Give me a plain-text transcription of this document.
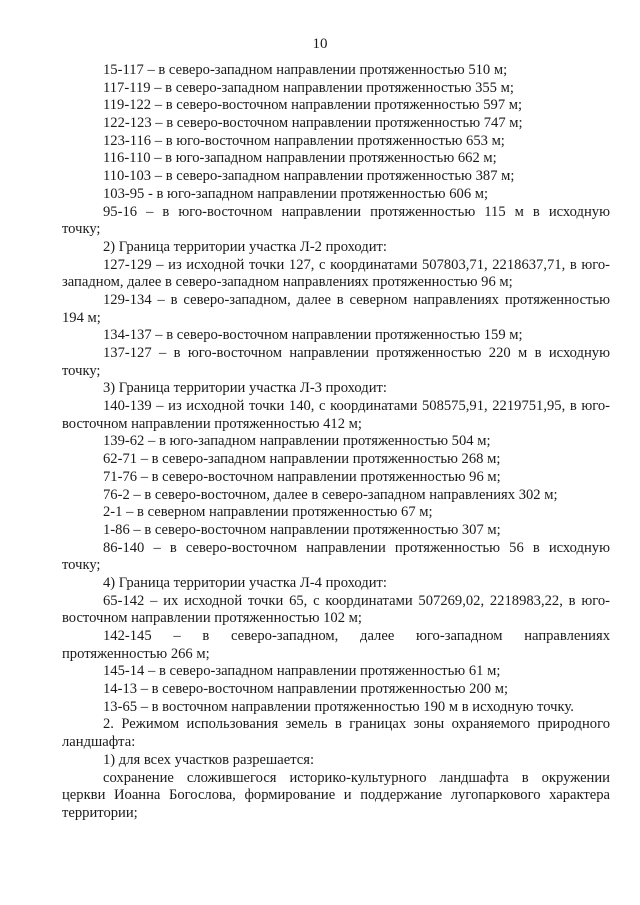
10
15-117 – в северо-западном направлении протяженностью 510 м;
117-119 – в северо-западном направлении протяженностью 355 м;
119-122 – в северо-восточном направлении протяженностью 597 м;
122-123 – в северо-восточном направлении протяженностью 747 м;
123-116 – в юго-восточном направлении протяженностью 653 м;
116-110 – в юго-западном направлении протяженностью 662 м;
110-103 – в северо-западном направлении протяженностью 387 м;
103-95 - в юго-западном направлении протяженностью 606 м;
95-16 – в юго-восточном направлении протяженностью 115 м в исходную
точку;
2) Граница территории участка Л-2 проходит:
127-129 – из исходной точки 127, с координатами 507803,71, 2218637,71, в юго-
западном, далее в северо-западном направлениях протяженностью 96 м;
129-134 – в северо-западном, далее в северном направлениях протяженностью
194 м;
134-137 – в северо-восточном направлении протяженностью 159 м;
137-127 – в юго-восточном направлении протяженностью 220 м в исходную
точку;
3) Граница территории участка Л-3 проходит:
140-139 – из исходной точки 140, с координатами 508575,91, 2219751,95, в юго-
восточном направлении протяженностью 412 м;
139-62 – в юго-западном направлении протяженностью 504 м;
62-71 – в северо-западном направлении протяженностью 268 м;
71-76 – в северо-восточном направлении протяженностью 96 м;
76-2 – в северо-восточном, далее в северо-западном направлениях 302 м;
2-1 – в северном направлении протяженностью 67 м;
1-86 – в северо-восточном направлении протяженностью 307 м;
86-140 – в северо-восточном направлении протяженностью 56 в исходную
точку;
4) Граница территории участка Л-4 проходит:
65-142 – их исходной точки 65, с координатами 507269,02, 2218983,22, в юго-
восточном направлении протяженностью 102 м;
142-145 – в северо-западном, далее юго-западном направлениях
протяженностью 266 м;
145-14 – в северо-западном направлении протяженностью 61 м;
14-13 – в северо-восточном направлении протяженностью 200 м;
13-65 – в восточном направлении протяженностью 190 м в исходную точку.
2. Режимом использования земель в границах зоны охраняемого природного
ландшафта:
1) для всех участков разрешается:
сохранение сложившегося историко-культурного ландшафта в окружении
церкви Иоанна Богослова, формирование и поддержание лугопаркового характера
территории;
